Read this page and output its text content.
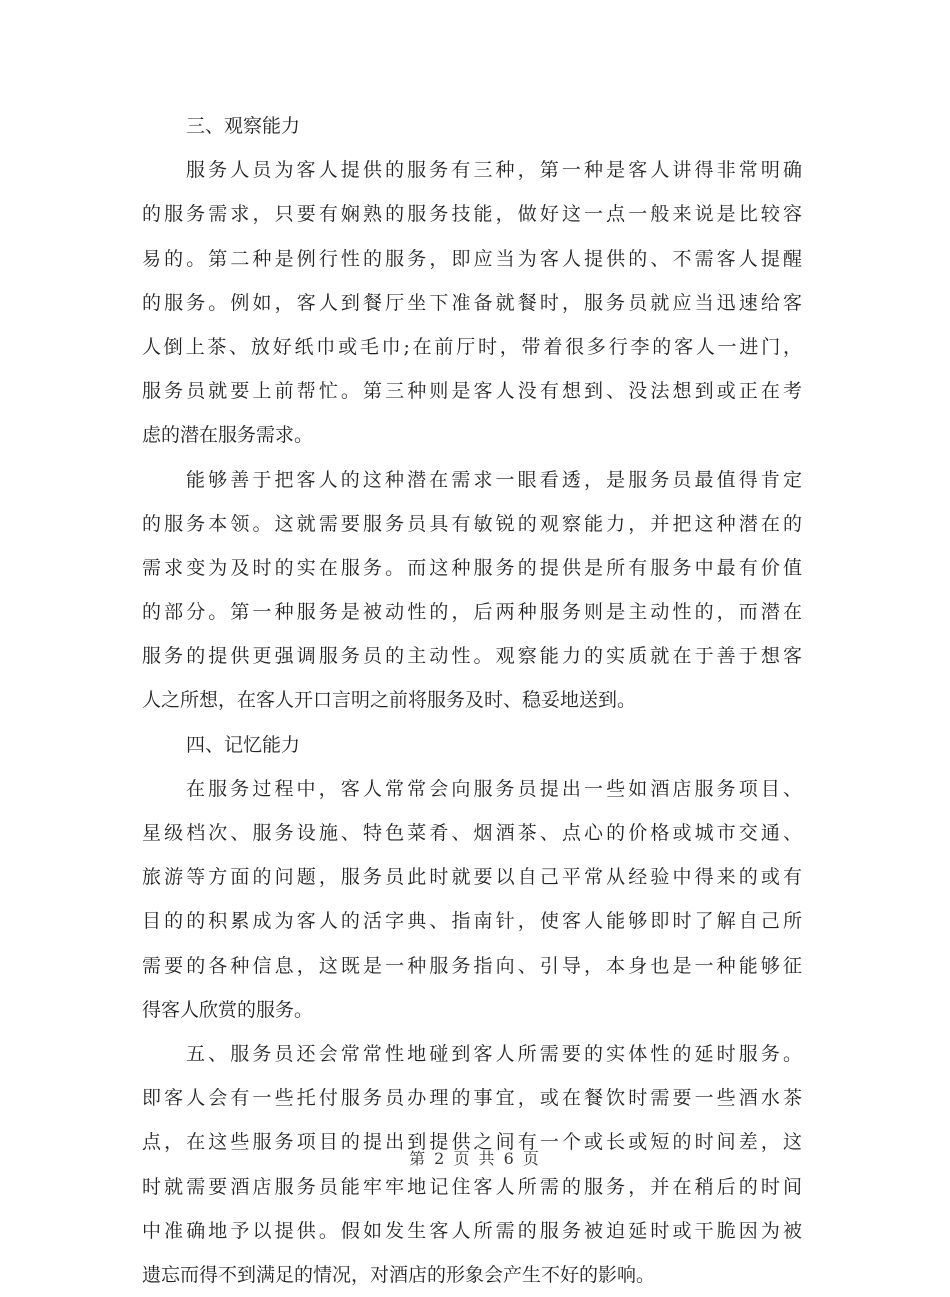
三、观察能力
服务人员为客人提供的服务有三种，第一种是客人讲得非常明确
的服务需求，只要有娴熟的服务技能，做好这一点一般来说是比较容
易的。第二种是例行性的服务，即应当为客人提供的、不需客人提醒
的服务。例如，客人到餐厅坐下准备就餐时，服务员就应当迅速给客
人倒上茶、放好纸巾或毛巾;在前厅时，带着很多行李的客人一进门，
服务员就要上前帮忙。第三种则是客人没有想到、没法想到或正在考
虑的潜在服务需求。
能够善于把客人的这种潜在需求一眼看透，是服务员最值得肯定
的服务本领。这就需要服务员具有敏锐的观察能力，并把这种潜在的
需求变为及时的实在服务。而这种服务的提供是所有服务中最有价值
的部分。第一种服务是被动性的，后两种服务则是主动性的，而潜在
服务的提供更强调服务员的主动性。观察能力的实质就在于善于想客
人之所想，在客人开口言明之前将服务及时、稳妥地送到。
四、记忆能力
在服务过程中，客人常常会向服务员提出一些如酒店服务项目、
星级档次、服务设施、特色菜肴、烟酒茶、点心的价格或城市交通、
旅游等方面的问题，服务员此时就要以自己平常从经验中得来的或有
目的的积累成为客人的活字典、指南针，使客人能够即时了解自己所
需要的各种信息，这既是一种服务指向、引导，本身也是一种能够征
得客人欣赏的服务。
五、服务员还会常常性地碰到客人所需要的实体性的延时服务。
即客人会有一些托付服务员办理的事宜，或在餐饮时需要一些酒水茶
点，在这些服务项目的提出到提供之间有一个或长或短的时间差，这
时就需要酒店服务员能牢牢地记住客人所需的服务，并在稍后的时间
中准确地予以提供。假如发生客人所需的服务被迫延时或干脆因为被
遗忘而得不到满足的情况，对酒店的形象会产生不好的影响。
第 2 页 共 6 页
